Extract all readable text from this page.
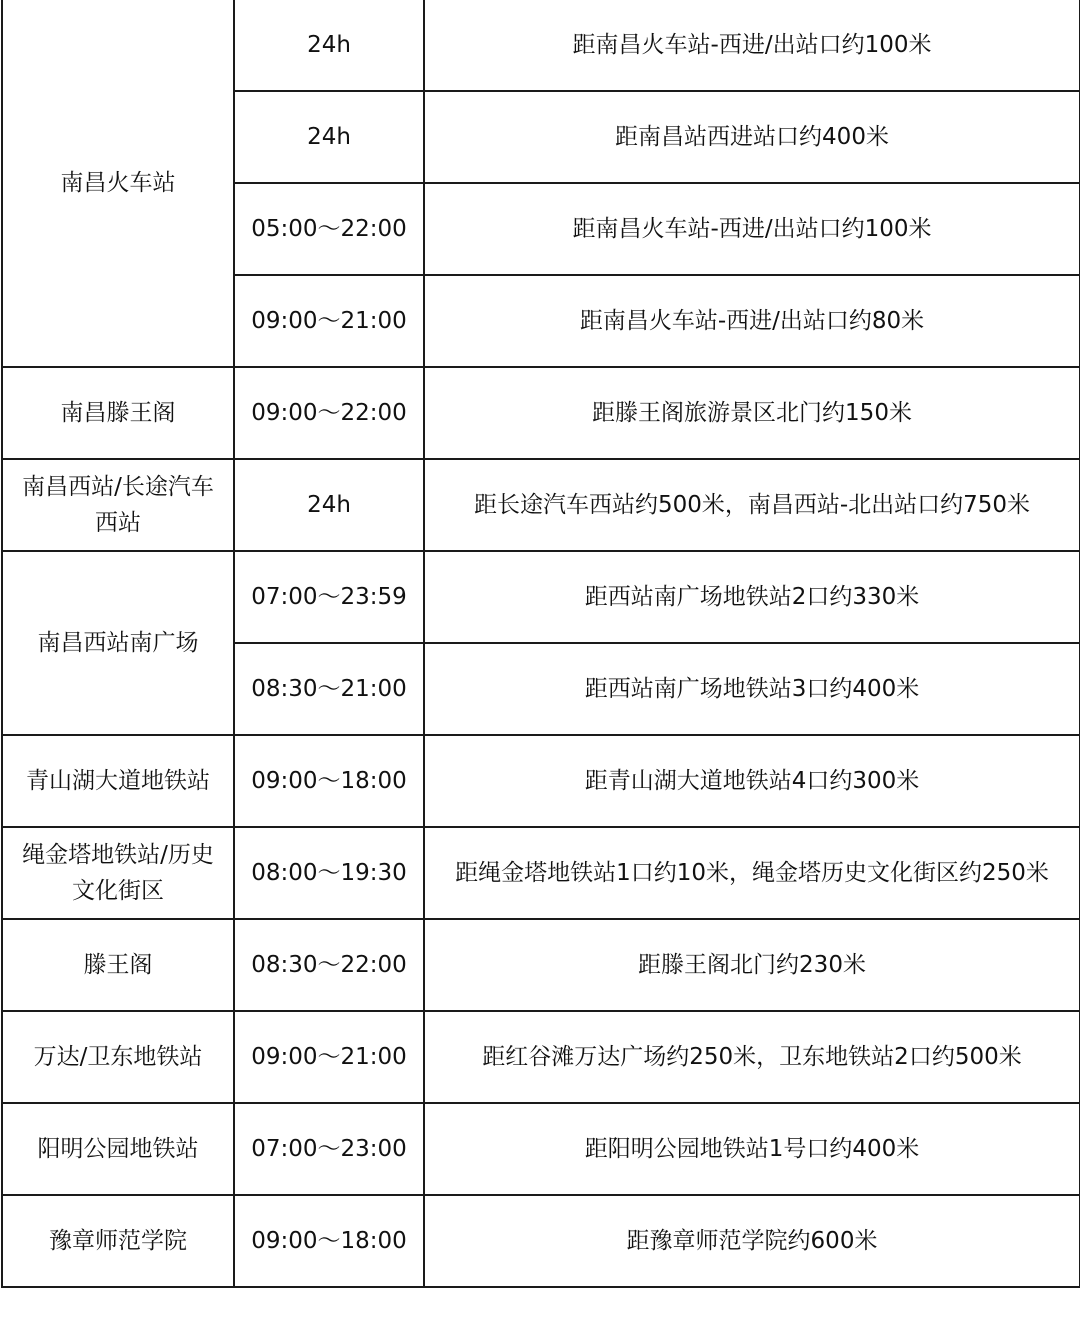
南昌火车站	24h	距南昌火车站-西进/出站口约100米
	24h	距南昌站西进站口约400米
	05:00～22:00	距南昌火车站-西进/出站口约100米
	09:00～21:00	距南昌火车站-西进/出站口约80米
南昌滕王阁	09:00～22:00	距滕王阁旅游景区北门约150米
南昌西站/长途汽车
西站	24h	距长途汽车西站约500米，南昌西站-北出站口约750米
南昌西站南广场	07:00～23:59	距西站南广场地铁站2口约330米
	08:30～21:00	距西站南广场地铁站3口约400米
青山湖大道地铁站	09:00～18:00	距青山湖大道地铁站4口约300米
绳金塔地铁站/历史
文化街区	08:00～19:30	距绳金塔地铁站1口约10米，绳金塔历史文化街区约250米
滕王阁	08:30～22:00	距滕王阁北门约230米
万达/卫东地铁站	09:00～21:00	距红谷滩万达广场约250米，卫东地铁站2口约500米
阳明公园地铁站	07:00～23:00	距阳明公园地铁站1号口约400米
豫章师范学院	09:00～18:00	距豫章师范学院约600米
